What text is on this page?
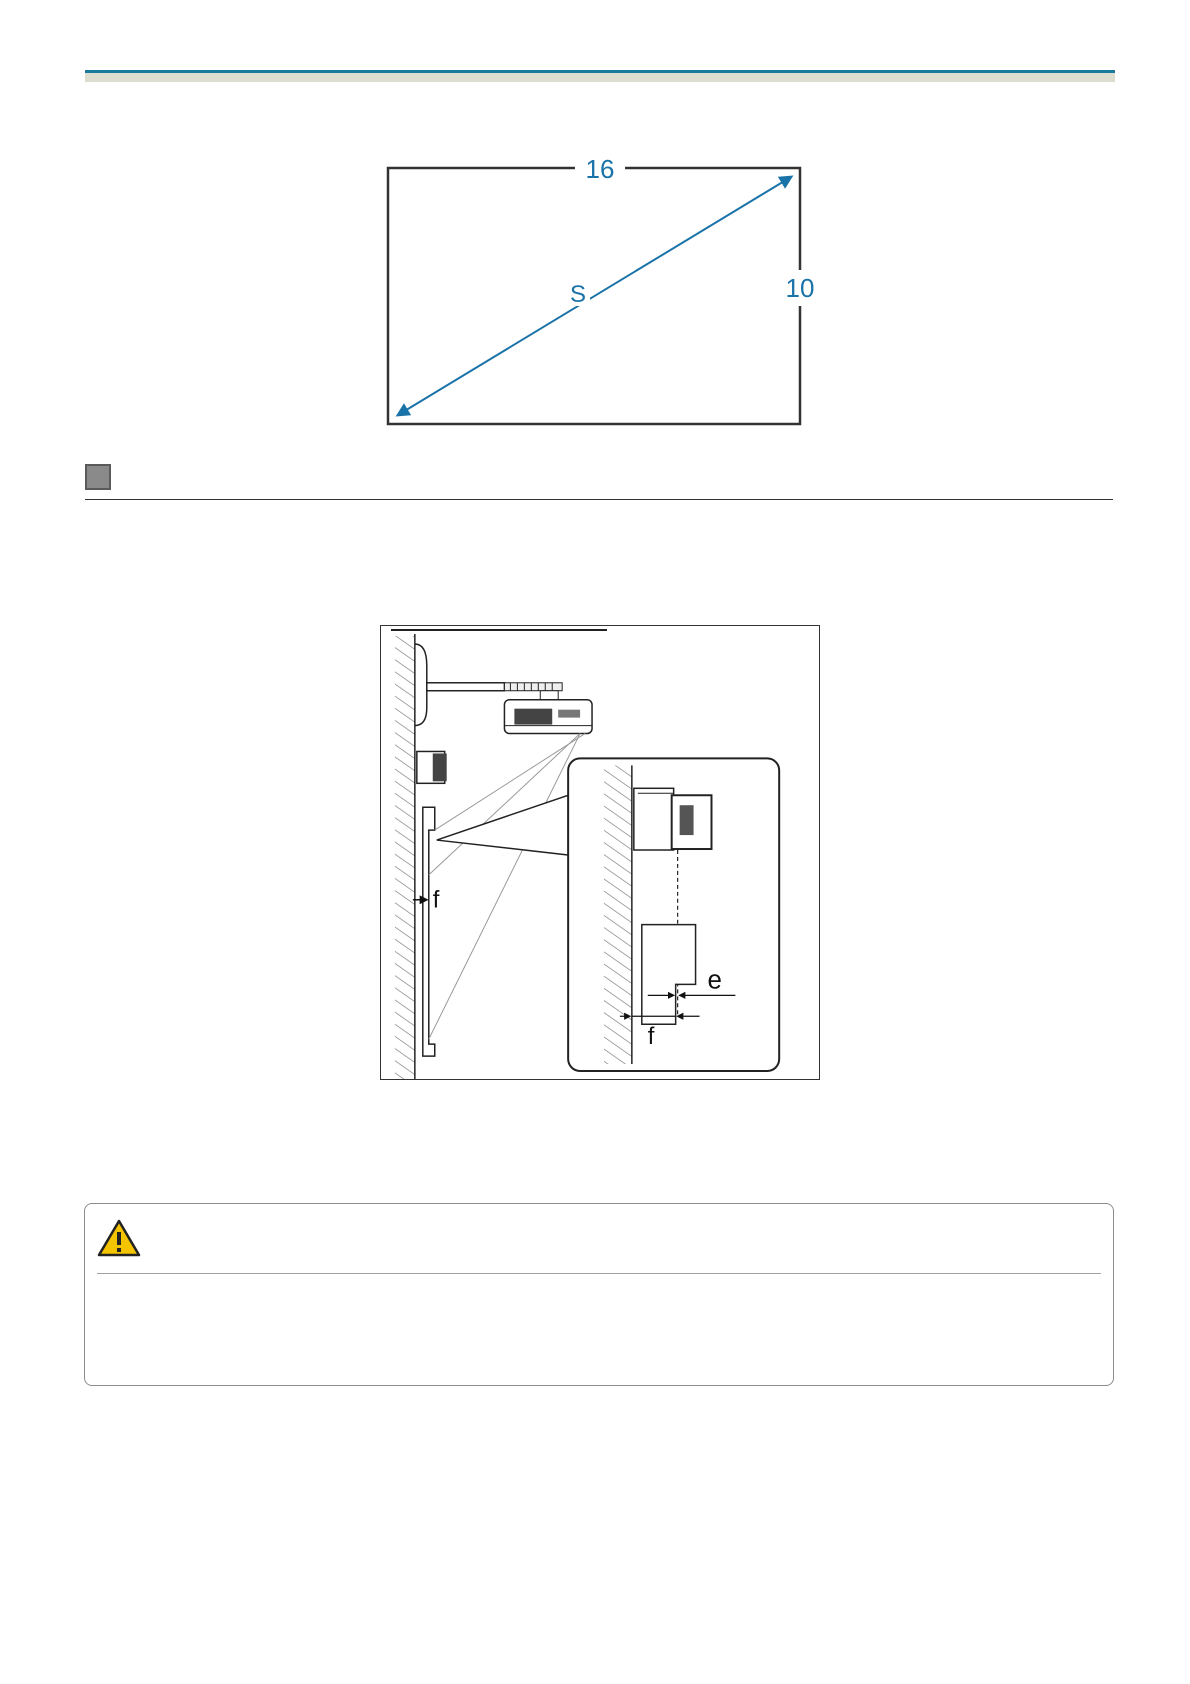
16
10
S
f
e
f
